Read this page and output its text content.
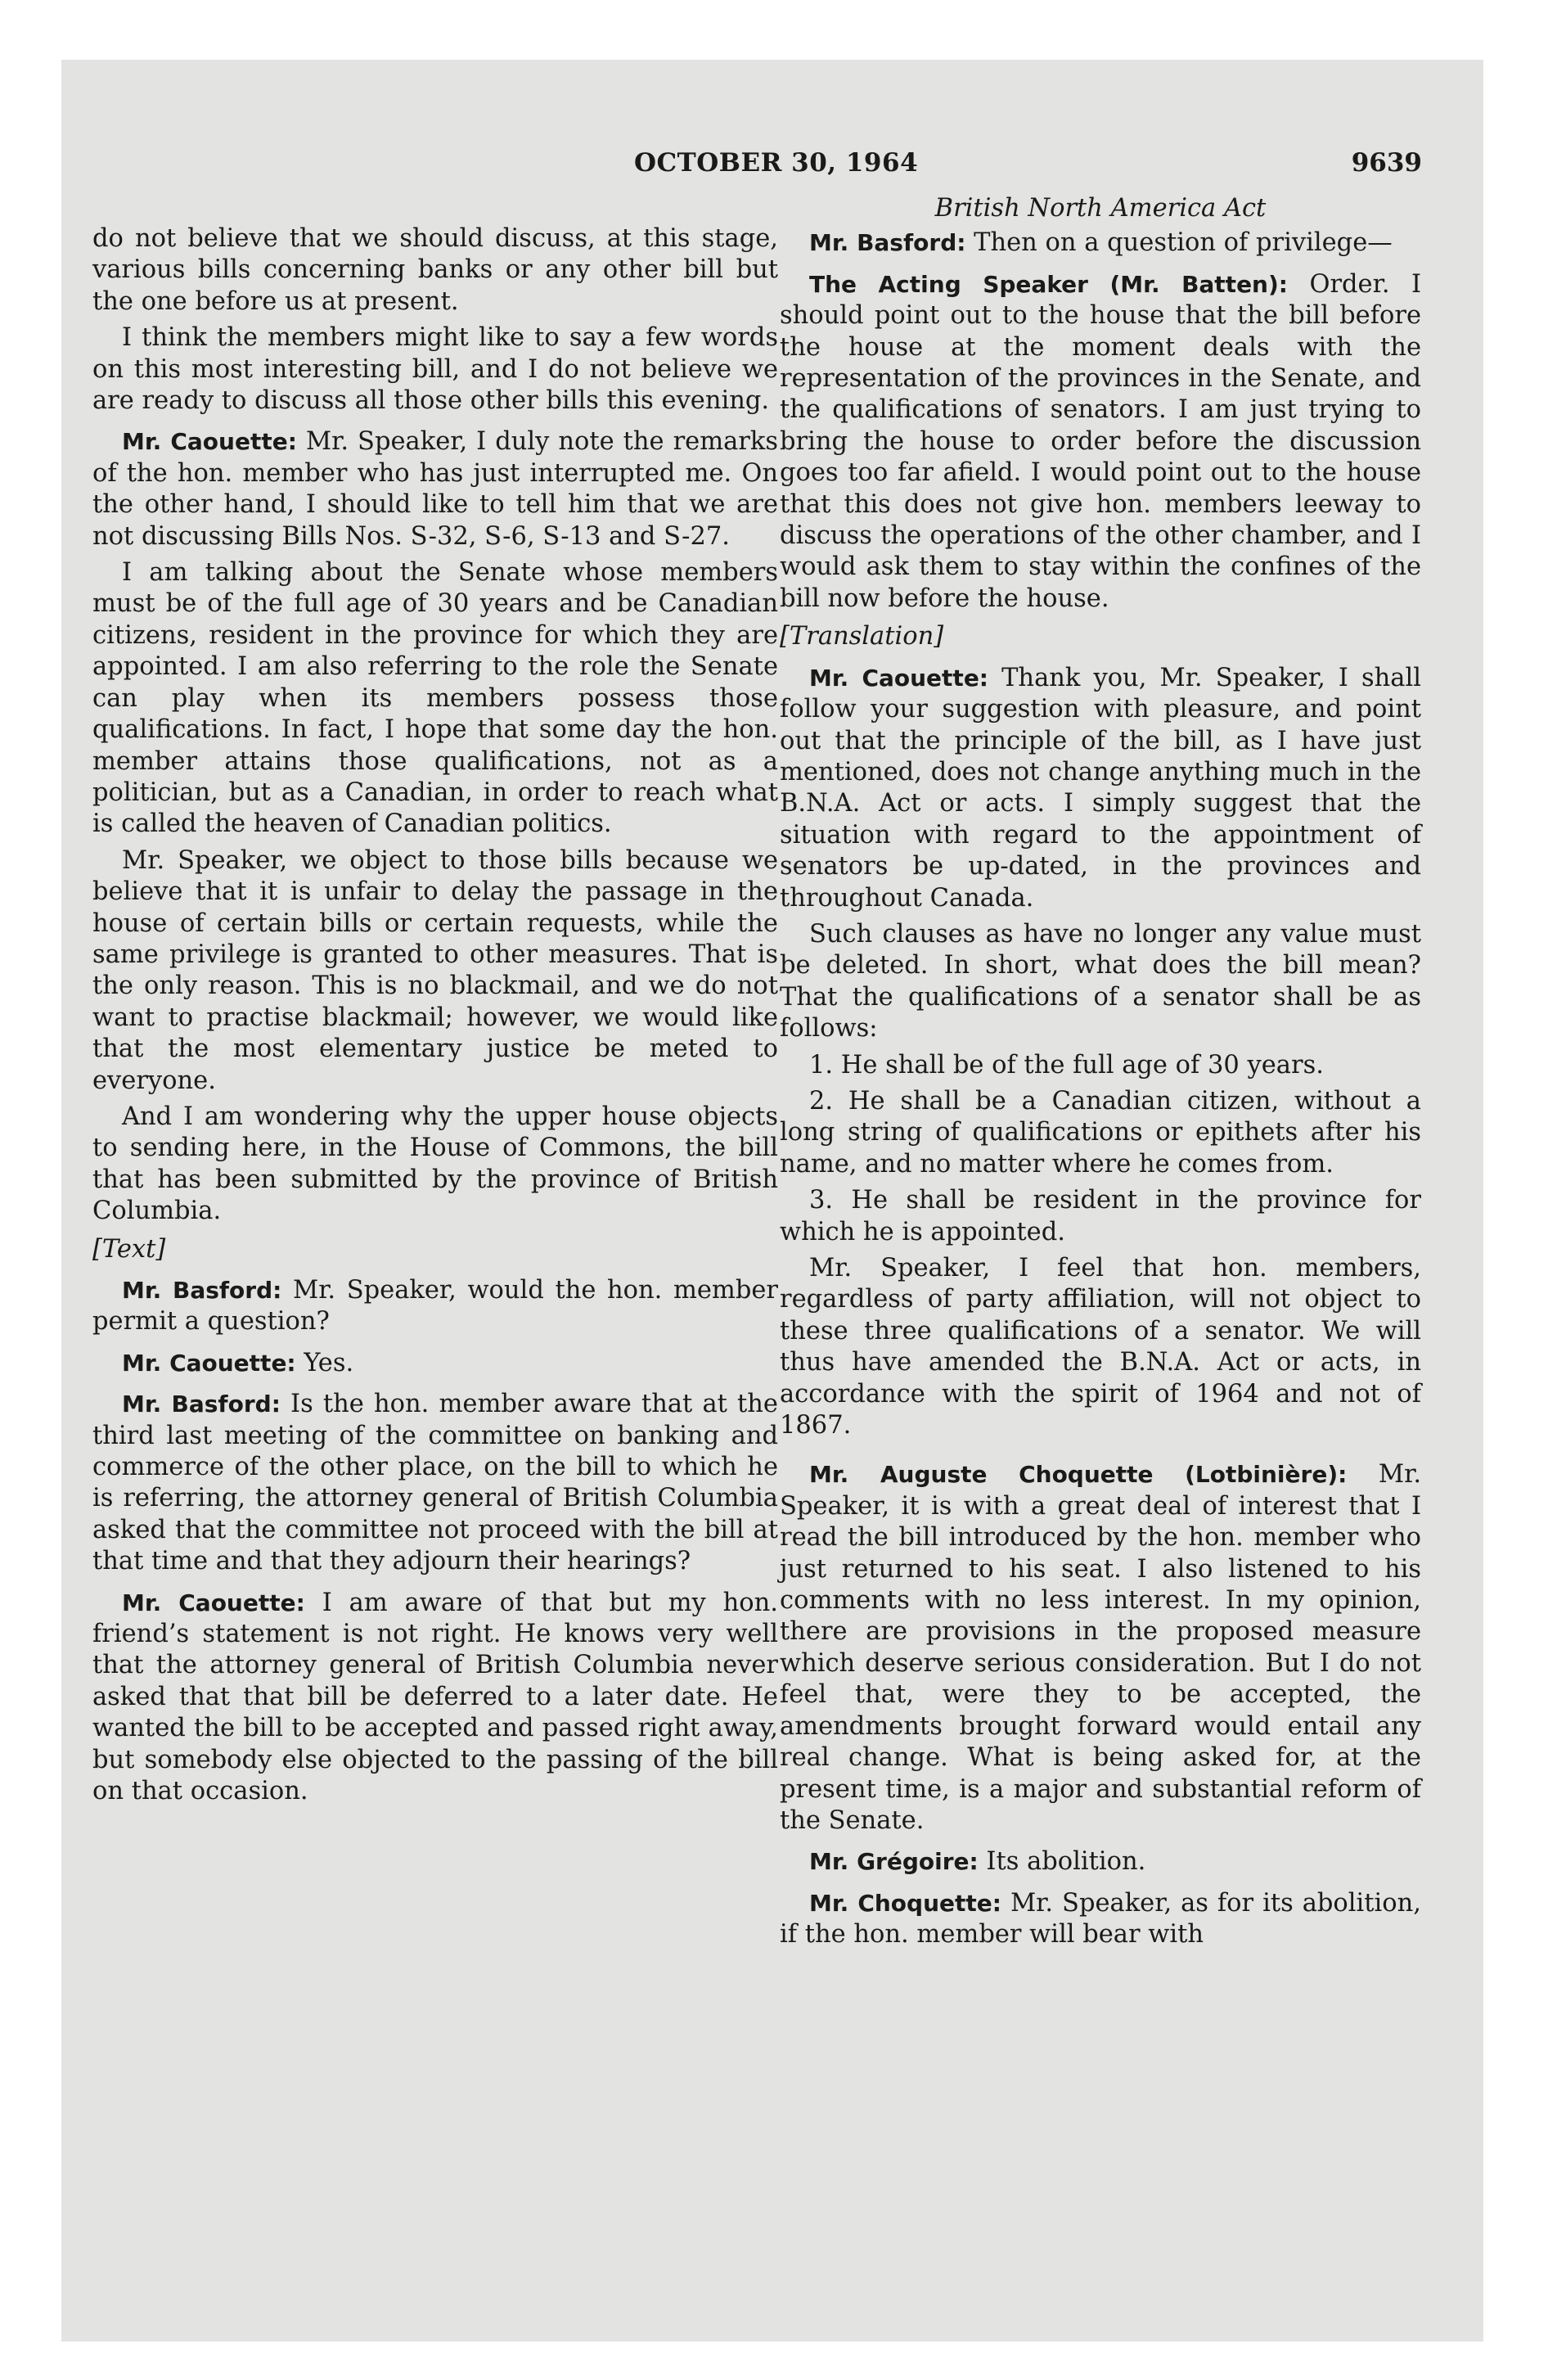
OCTOBER 30, 1964	9639

do not believe that we should discuss, at this stage, various bills concerning banks or any other bill but the one before us at present.

I think the members might like to say a few words on this most interesting bill, and I do not believe we are ready to discuss all those other bills this evening.

Mr. Caouette: Mr. Speaker, I duly note the remarks of the hon. member who has just interrupted me. On the other hand, I should like to tell him that we are not discussing Bills Nos. S-32, S-6, S-13 and S-27.

I am talking about the Senate whose members must be of the full age of 30 years and be Canadian citizens, resident in the province for which they are appointed. I am also referring to the role the Senate can play when its members possess those qualifications. In fact, I hope that some day the hon. member attains those qualifications, not as a politician, but as a Canadian, in order to reach what is called the heaven of Canadian politics.

Mr. Speaker, we object to those bills because we believe that it is unfair to delay the passage in the house of certain bills or certain requests, while the same privilege is granted to other measures. That is the only reason. This is no blackmail, and we do not want to practise blackmail; however, we would like that the most elementary justice be meted to everyone.

And I am wondering why the upper house objects to sending here, in the House of Commons, the bill that has been submitted by the province of British Columbia.

[Text]

Mr. Basford: Mr. Speaker, would the hon. member permit a question?

Mr. Caouette: Yes.

Mr. Basford: Is the hon. member aware that at the third last meeting of the committee on banking and commerce of the other place, on the bill to which he is referring, the attorney general of British Columbia asked that the committee not proceed with the bill at that time and that they adjourn their hearings?

Mr. Caouette: I am aware of that but my hon. friend’s statement is not right. He knows very well that the attorney general of British Columbia never asked that that bill be deferred to a later date. He wanted the bill to be accepted and passed right away, but somebody else objected to the passing of the bill on that occasion.

British North America Act

Mr. Basford: Then on a question of privilege—

The Acting Speaker (Mr. Batten): Order. I should point out to the house that the bill before the house at the moment deals with the representation of the provinces in the Senate, and the qualifications of senators. I am just trying to bring the house to order before the discussion goes too far afield. I would point out to the house that this does not give hon. members leeway to discuss the operations of the other chamber, and I would ask them to stay within the confines of the bill now before the house.

[Translation]

Mr. Caouette: Thank you, Mr. Speaker, I shall follow your suggestion with pleasure, and point out that the principle of the bill, as I have just mentioned, does not change anything much in the B.N.A. Act or acts. I simply suggest that the situation with regard to the appointment of senators be up-dated, in the provinces and throughout Canada.

Such clauses as have no longer any value must be deleted. In short, what does the bill mean? That the qualifications of a senator shall be as follows:

1. He shall be of the full age of 30 years.

2. He shall be a Canadian citizen, without a long string of qualifications or epithets after his name, and no matter where he comes from.

3. He shall be resident in the province for which he is appointed.

Mr. Speaker, I feel that hon. members, regardless of party affiliation, will not object to these three qualifications of a senator. We will thus have amended the B.N.A. Act or acts, in accordance with the spirit of 1964 and not of 1867.

Mr. Auguste Choquette (Lotbinière): Mr. Speaker, it is with a great deal of interest that I read the bill introduced by the hon. member who just returned to his seat. I also listened to his comments with no less interest. In my opinion, there are provisions in the proposed measure which deserve serious consideration. But I do not feel that, were they to be accepted, the amendments brought forward would entail any real change. What is being asked for, at the present time, is a major and substantial reform of the Senate.

Mr. Grégoire: Its abolition.

Mr. Choquette: Mr. Speaker, as for its abolition, if the hon. member will bear with
